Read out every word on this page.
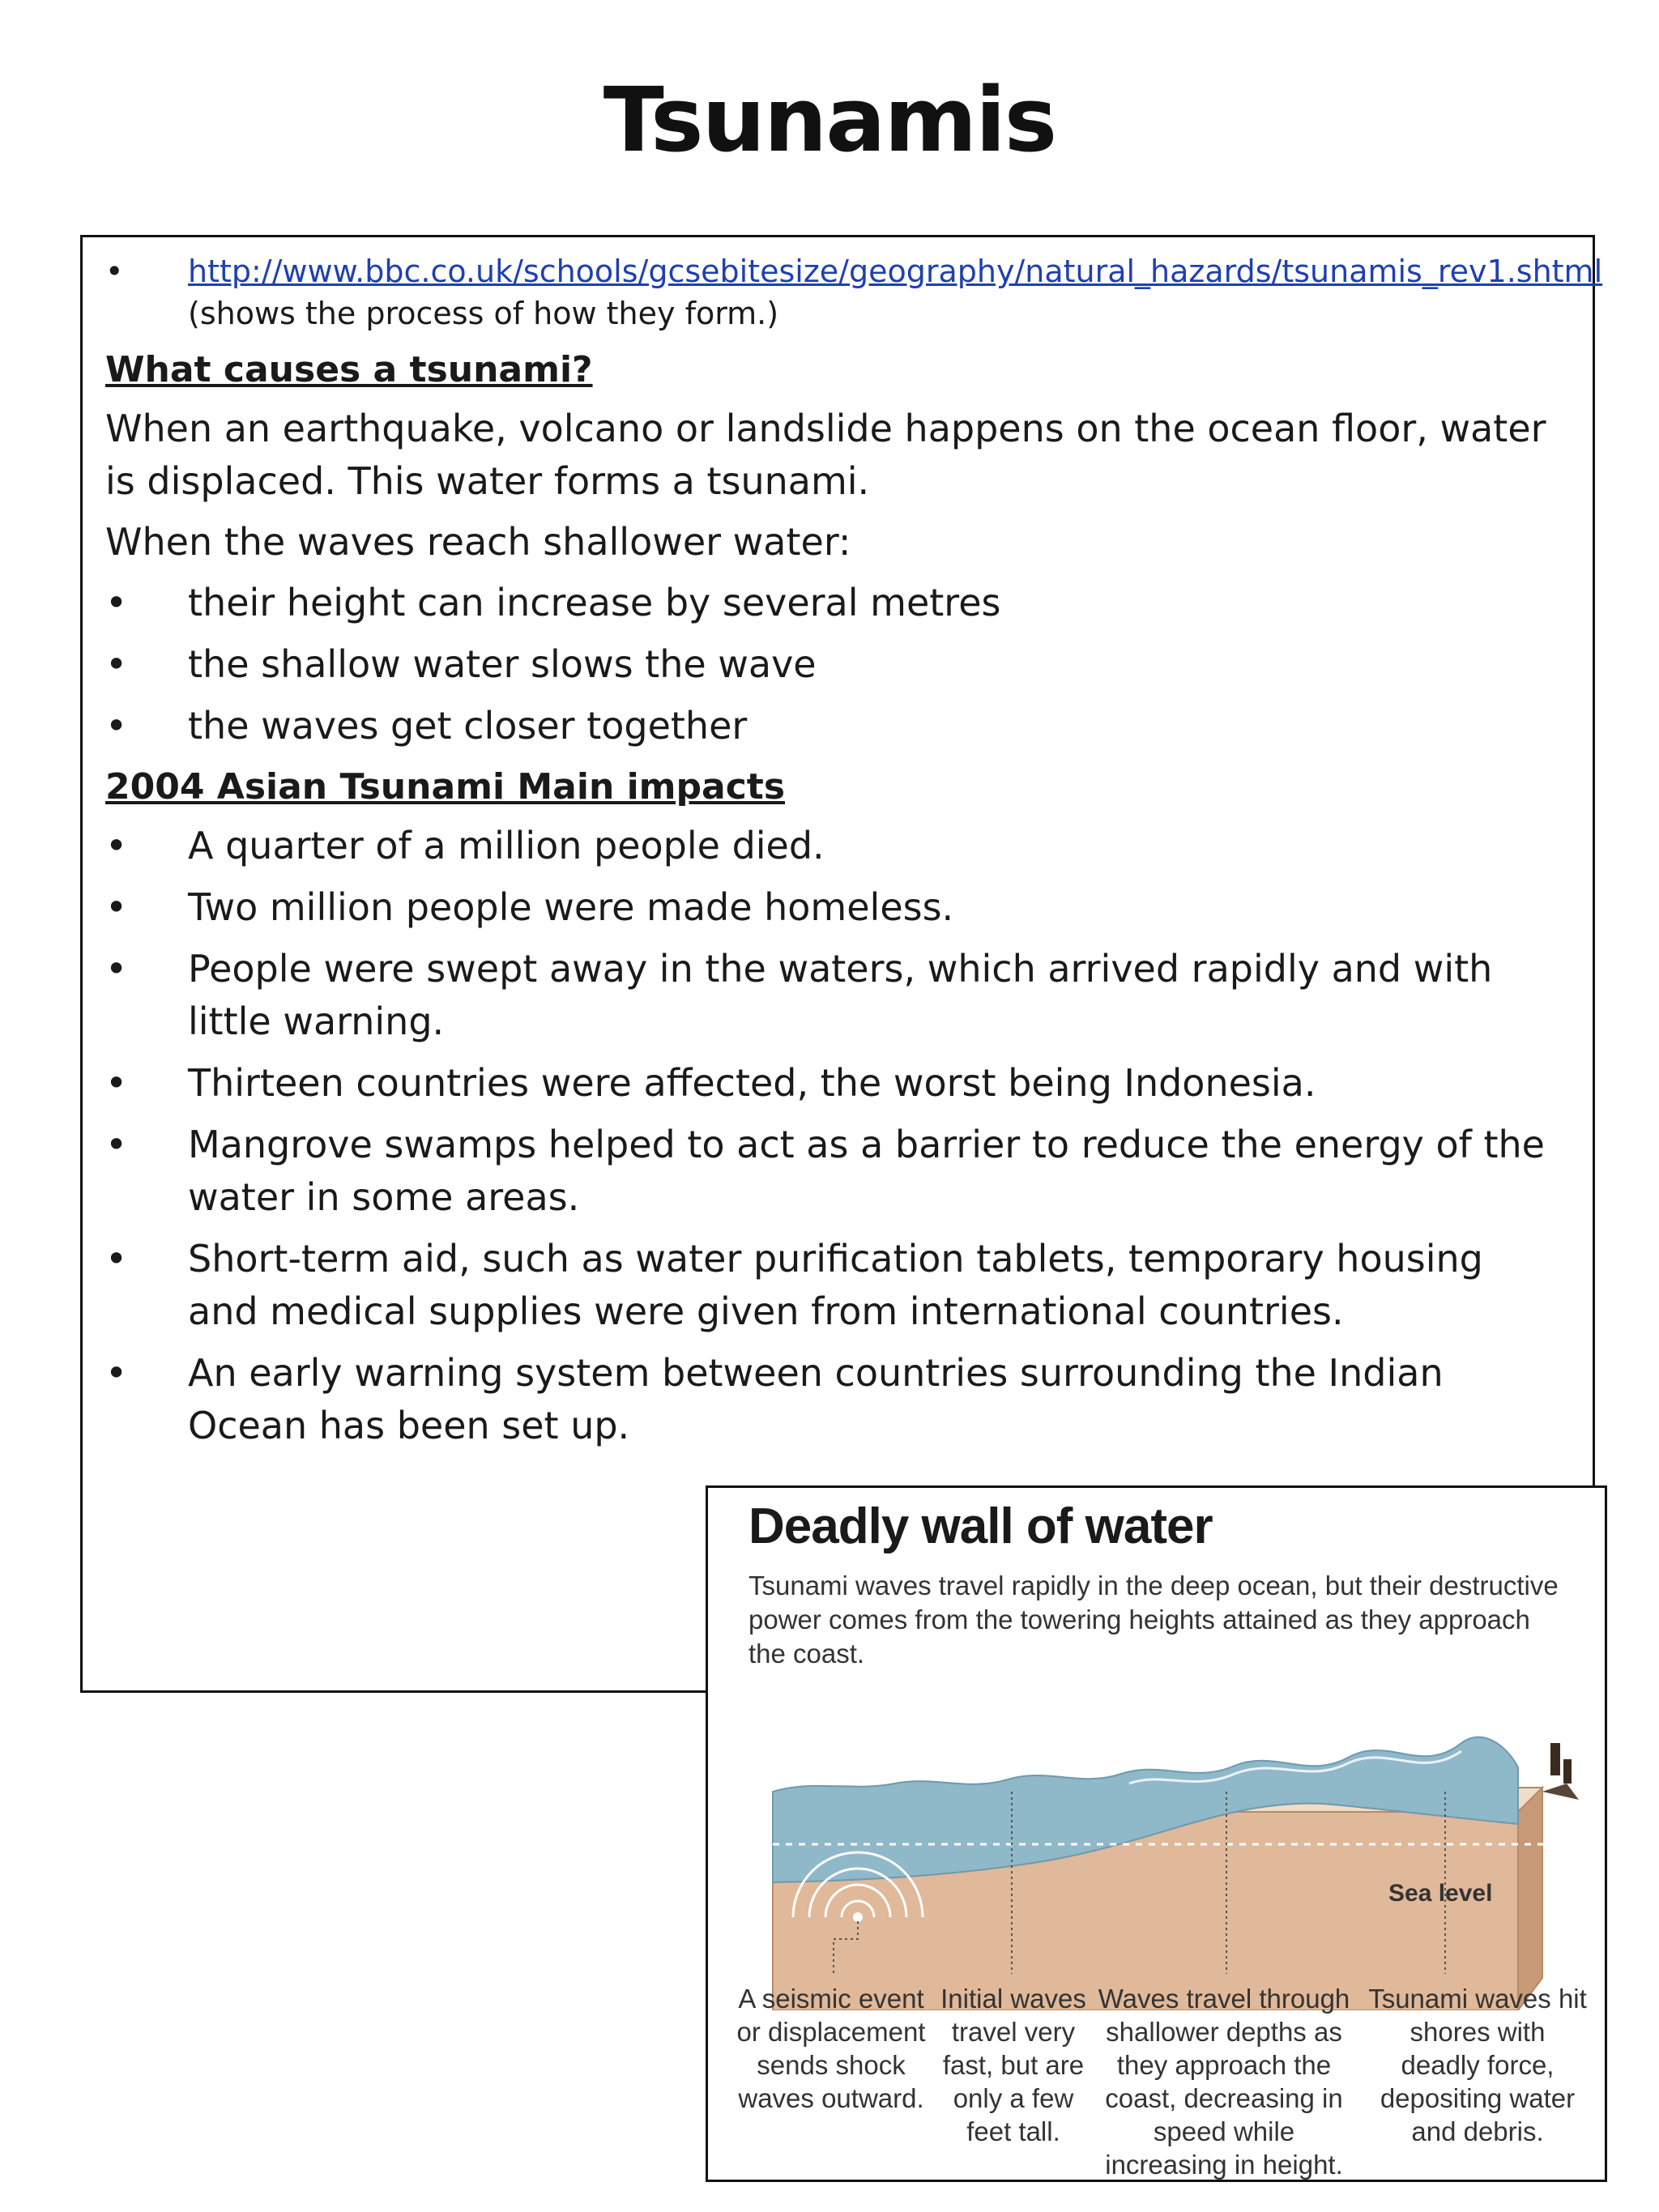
Tsunamis
• http://www.bbc.co.uk/schools/gcsebitesize/geography/natural_hazards/tsunamis_rev1.shtml (shows the process of how they form.)
What causes a tsunami?
When an earthquake, volcano or landslide happens on the ocean floor, water is displaced. This water forms a tsunami.
When the waves reach shallower water:
• their height can increase by several metres
• the shallow water slows the wave
• the waves get closer together
2004 Asian Tsunami Main impacts
• A quarter of a million people died.
• Two million people were made homeless.
• People were swept away in the waters, which arrived rapidly and with little warning.
• Thirteen countries were affected, the worst being Indonesia.
• Mangrove swamps helped to act as a barrier to reduce the energy of the water in some areas.
• Short-term aid, such as water purification tablets, temporary housing and medical supplies were given from international countries.
• An early warning system between countries surrounding the Indian Ocean has been set up.
Deadly wall of water
Tsunami waves travel rapidly in the deep ocean, but their destructive power comes from the towering heights attained as they approach the coast.
Sea level
A seismic event or displacement sends shock waves outward.
Initial waves travel very fast, but are only a few feet tall.
Waves travel through shallower depths as they approach the coast, decreasing in speed while increasing in height.
Tsunami waves hit shores with deadly force, depositing water and debris.
